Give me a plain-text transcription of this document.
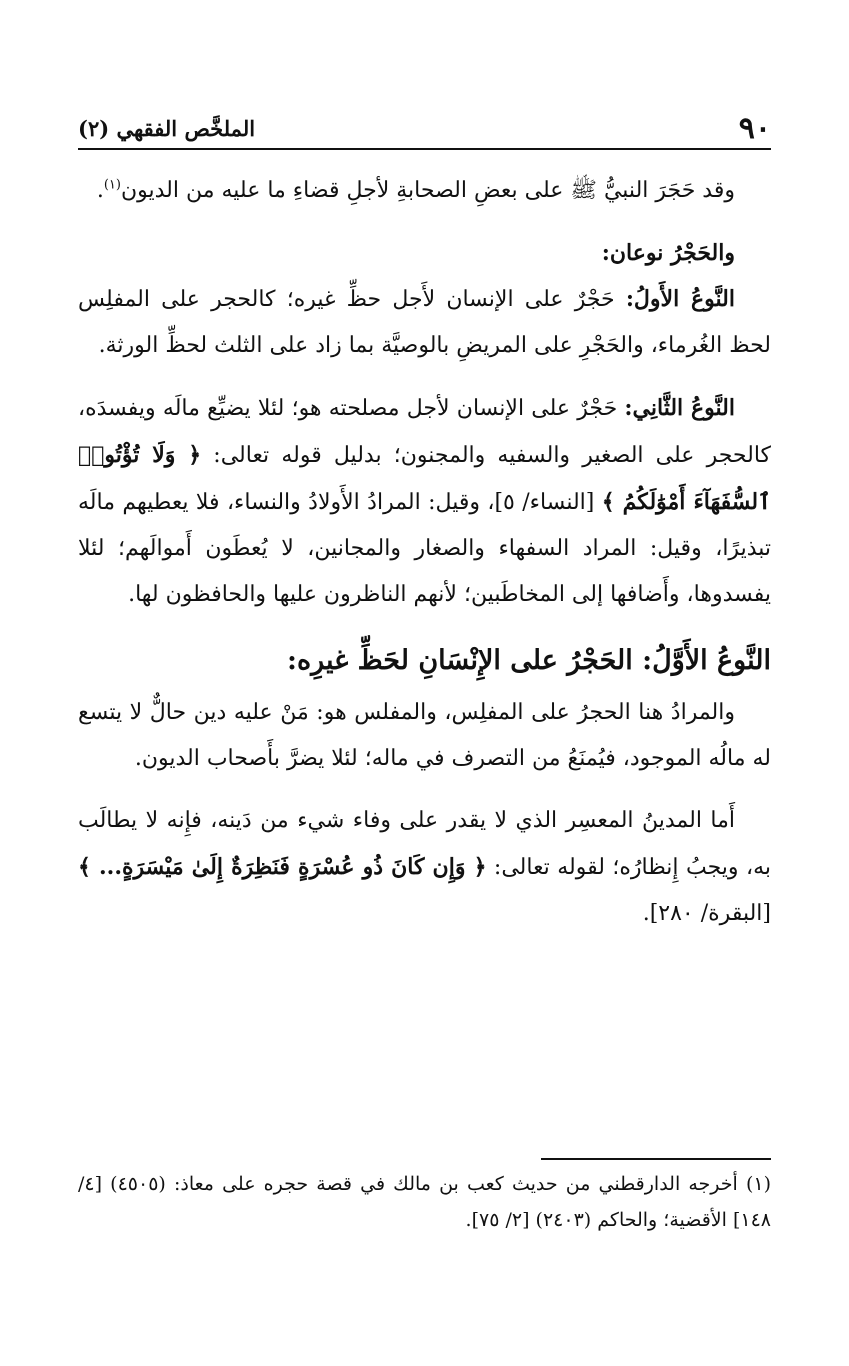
٩٠
الملخَّص الفقهي (٢)

وقد حَجَرَ النبيُّ ﷺ على بعضِ الصحابةِ لأجلِ قضاءِ ما عليه من الديون$^{(١)}$.

والحَجْرُ نوعان:

النَّوعُ الأَولُ: حَجْرٌ على الإنسان لأَجل حظِّ غيره؛ كالحجر على المفلِس لحظ الغُرماء، والحَجْرِ على المريضِ بالوصيَّة بما زاد على الثلث لحظِّ الورثة.

النَّوعُ الثَّانِي: حَجْرٌ على الإنسان لأجل مصلحته هو؛ لئلا يضيِّع مالَه ويفسدَه، كالحجر على الصغير والسفيه والمجنون؛ بدليل قوله تعالى: ﴿ وَلَا تُؤْتُوا۟ ٱلسُّفَهَآءَ أَمْوَٰلَكُمُ ﴾ [النساء/ ٥]، وقيل: المرادُ الأَولادُ والنساء، فلا يعطيهم مالَه تبذيرًا، وقيل: المراد السفهاء والصغار والمجانين، لا يُعطَون أَموالَهم؛ لئلا يفسدوها، وأَضافها إلى المخاطَبين؛ لأنهم الناظرون عليها والحافظون لها.

النَّوعُ الأَوَّلُ: الحَجْرُ على الإِنْسَانِ لحَظِّ غيرِه:

والمرادُ هنا الحجرُ على المفلِس، والمفلس هو: مَنْ عليه دين حالٌّ لا يتسع له مالُه الموجود، فيُمنَعُ من التصرف في ماله؛ لئلا يضرَّ بأَصحاب الديون.

أَما المدينُ المعسِر الذي لا يقدر على وفاء شيء من دَينه، فإِنه لا يطالَب به، ويجبُ إِنظارُه؛ لقوله تعالى: ﴿ وَإِن كَانَ ذُو عُسْرَةٍ فَنَظِرَةٌ إِلَىٰ مَيْسَرَةٍ... ﴾ [البقرة/ ٢٨٠].

(١) أخرجه الدارقطني من حديث كعب بن مالك في قصة حجره على معاذ: (٤٥٠٥) [٤/ ١٤٨] الأقضية؛ والحاكم (٢٤٠٣) [٢/ ٧٥].
